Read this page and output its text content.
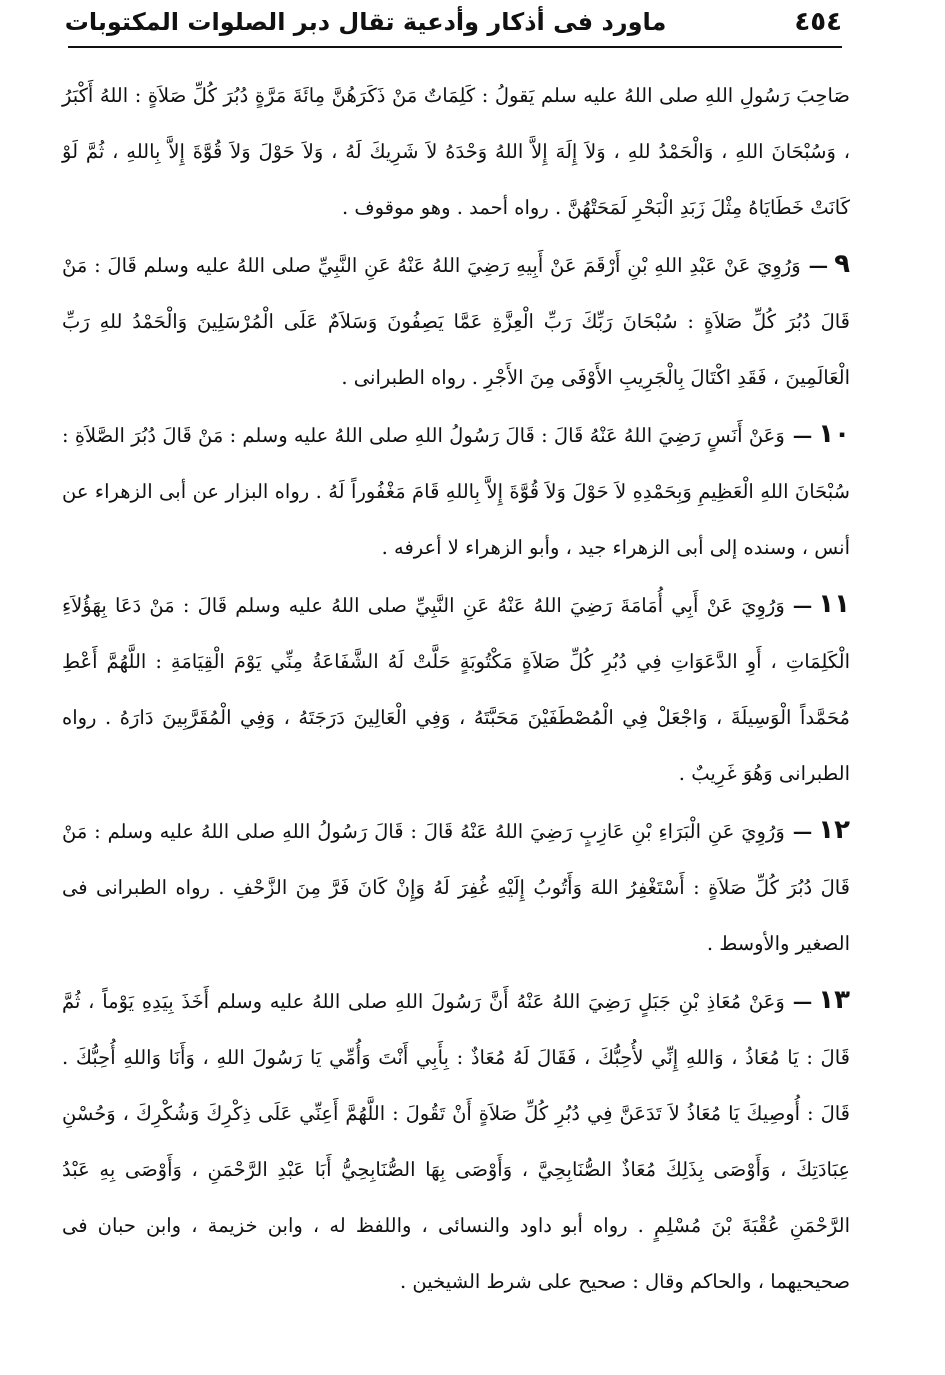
٤٥٤
ماورد فى أذكار وأدعية تقال دبر الصلوات المكتوبات

صَاحِبَ رَسُولِ اللهِ صلى اللهُ عليه سلم يَقولُ : كَلِمَاتٌ مَنْ ذَكَرَهُنَّ مِائَةَ مَرَّةٍ دُبُرَ كُلِّ صَلاَةٍ : اللهُ أَكْبَرُ ، وَسُبْحَانَ اللهِ ، وَالْحَمْدُ للهِ ، وَلاَ إِلَهَ إِلاَّ اللهُ وَحْدَهُ لاَ شَرِيكَ لَهُ ، وَلاَ حَوْلَ وَلاَ قُوَّةَ إِلاَّ بِاللهِ ، ثُمَّ لَوْ كَانَتْ خَطَايَاهُ مِثْلَ زَبَدِ الْبَحْرِ لَمَحَتْهُنَّ . رواه أحمد . وهو موقوف .

٩—وَرُوِيَ عَنْ عَبْدِ اللهِ بْنِ أَرْقَمَ عَنْ أَبِيهِ رَضِيَ اللهُ عَنْهُ عَنِ النَّبِيِّ صلى اللهُ عليه وسلم قَالَ : مَنْ قَالَ دُبُرَ كُلِّ صَلاَةٍ : سُبْحَانَ رَبِّكَ رَبِّ الْعِزَّةِ عَمَّا يَصِفُونَ وَسَلاَمٌ عَلَى الْمُرْسَلِينَ وَالْحَمْدُ للهِ رَبِّ الْعَالَمِينَ ، فَقَدِ اكْتَالَ بِالْجَرِيبِ الأَوْفَى مِنَ الأَجْرِ . رواه الطبرانى .

١٠—وَعَنْ أَنَسٍ رَضِيَ اللهُ عَنْهُ قَالَ : قَالَ رَسُولُ اللهِ صلى اللهُ عليه وسلم : مَنْ قَالَ دُبُرَ الصَّلاَةِ : سُبْحَانَ اللهِ الْعَظِيمِ وَبِحَمْدِهِ لاَ حَوْلَ وَلاَ قُوَّةَ إِلاَّ بِاللهِ قَامَ مَغْفُوراً لَهُ . رواه البزار عن أبى الزهراء عن أنس ، وسنده إلى أبى الزهراء جيد ، وأبو الزهراء لا أعرفه .

١١—وَرُوِيَ عَنْ أَبِي أُمَامَةَ رَضِيَ اللهُ عَنْهُ عَنِ النَّبِيِّ صلى اللهُ عليه وسلم قَالَ : مَنْ دَعَا بِهَؤُلاَءِ الْكَلِمَاتِ ، أَوِ الدَّعَوَاتِ فِي دُبُرِ كُلِّ صَلاَةٍ مَكْتُوبَةٍ حَلَّتْ لَهُ الشَّفَاعَةُ مِنِّي يَوْمَ الْقِيَامَةِ : اللَّهُمَّ أَعْطِ مُحَمَّداً الْوَسِيلَةَ ، وَاجْعَلْ فِي الْمُصْطَفَيْنَ مَحَبَّتَهُ ، وَفِي الْعَالِينَ دَرَجَتَهُ ، وَفِي الْمُقَرَّبِينَ دَارَهُ . رواه الطبرانى وَهُوَ غَرِيبٌ .

١٢—وَرُوِيَ عَنِ الْبَرَاءِ بْنِ عَازِبٍ رَضِيَ اللهُ عَنْهُ قَالَ : قَالَ رَسُولُ اللهِ صلى اللهُ عليه وسلم : مَنْ قَالَ دُبُرَ كُلِّ صَلاَةٍ : أَسْتَغْفِرُ اللهَ وَأَتُوبُ إِلَيْهِ غُفِرَ لَهُ وَإِنْ كَانَ فَرَّ مِنَ الزَّحْفِ . رواه الطبرانى فى الصغير والأوسط .

١٣—وَعَنْ مُعَاذِ بْنِ جَبَلٍ رَضِيَ اللهُ عَنْهُ أَنَّ رَسُولَ اللهِ صلى اللهُ عليه وسلم أَخَذَ بِيَدِهِ يَوْماً ، ثُمَّ قَالَ : يَا مُعَاذُ ، وَاللهِ إِنِّي لأُحِبُّكَ ، فَقَالَ لَهُ مُعَاذٌ : بِأَبِي أَنْتَ وَأُمِّي يَا رَسُولَ اللهِ ، وَأَنَا وَاللهِ أُحِبُّكَ . قَالَ : أُوصِيكَ يَا مُعَاذُ لاَ تَدَعَنَّ فِي دُبُرِ كُلِّ صَلاَةٍ أَنْ تَقُولَ : اللَّهُمَّ أَعِنِّي عَلَى ذِكْرِكَ وَشُكْرِكَ ، وَحُسْنِ عِبَادَتِكَ ، وَأَوْصَى بِذَلِكَ مُعَاذٌ الصُّنَابِحِيَّ ، وَأَوْصَى بِهَا الصُّنَابِحِيُّ أَبَا عَبْدِ الرَّحْمَنِ ، وَأَوْصَى بِهِ عَبْدُ الرَّحْمَنِ عُقْبَةَ بْنَ مُسْلِمٍ . رواه أبو داود والنسائى ، واللفظ له ، وابن خزيمة ، وابن حبان فى صحيحيهما ، والحاكم وقال : صحيح على شرط الشيخين .
